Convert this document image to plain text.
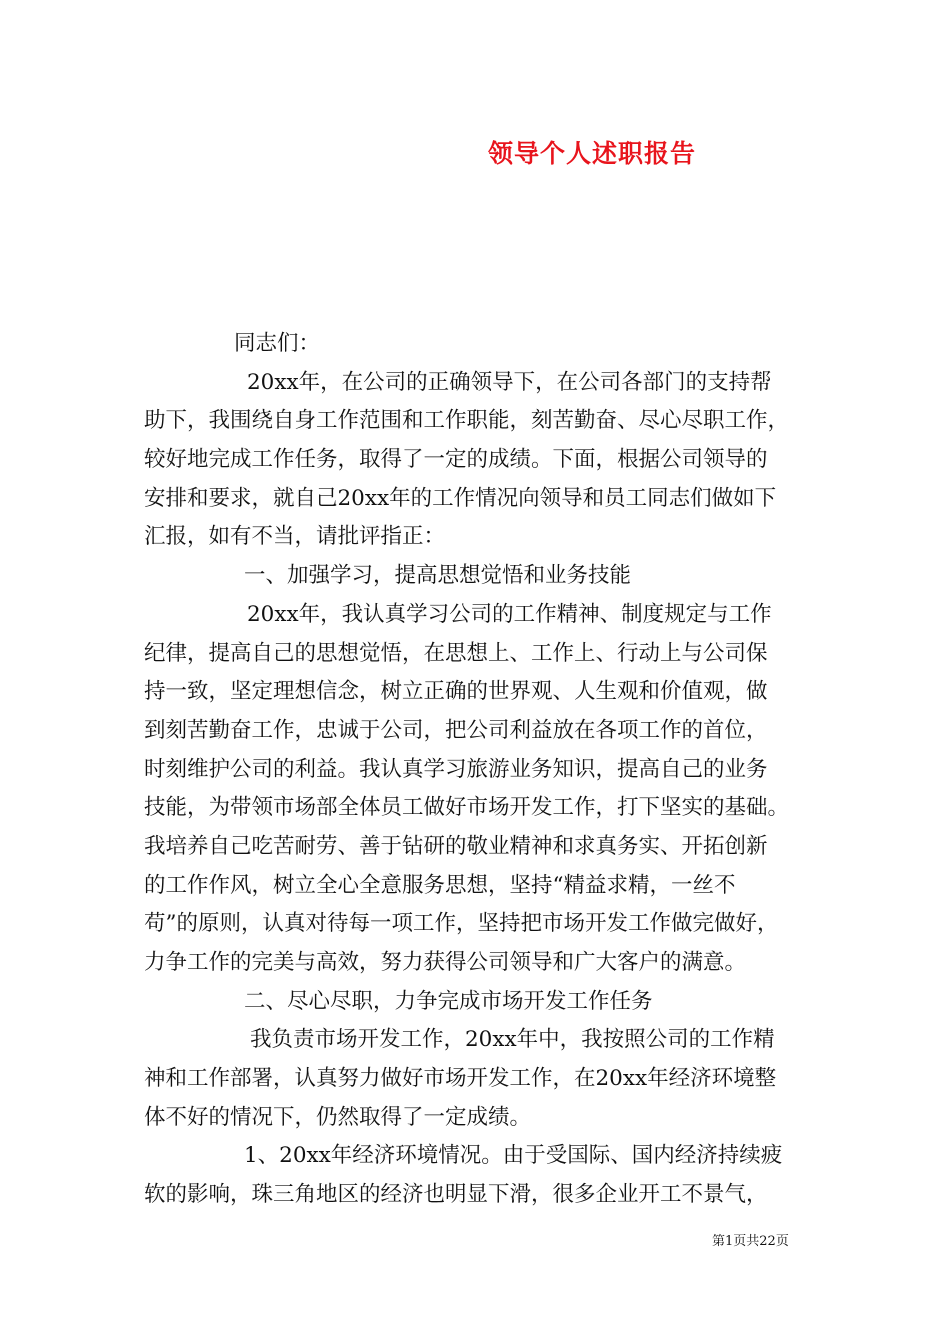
领导个人述职报告
同志们：
20xx年，在公司的正确领导下，在公司各部门的支持帮
助下，我围绕自身工作范围和工作职能，刻苦勤奋、尽心尽职工作，
较好地完成工作任务，取得了一定的成绩。下面，根据公司领导的
安排和要求，就自己20xx年的工作情况向领导和员工同志们做如下
汇报，如有不当，请批评指正：
一、加强学习，提高思想觉悟和业务技能
20xx年，我认真学习公司的工作精神、制度规定与工作
纪律，提高自己的思想觉悟，在思想上、工作上、行动上与公司保
持一致，坚定理想信念，树立正确的世界观、人生观和价值观，做
到刻苦勤奋工作，忠诚于公司，把公司利益放在各项工作的首位，
时刻维护公司的利益。我认真学习旅游业务知识，提高自己的业务
技能，为带领市场部全体员工做好市场开发工作，打下坚实的基础。
我培养自己吃苦耐劳、善于钻研的敬业精神和求真务实、开拓创新
的工作作风，树立全心全意服务思想，坚持“精益求精，一丝不
苟”的原则，认真对待每一项工作，坚持把市场开发工作做完做好，
力争工作的完美与高效，努力获得公司领导和广大客户的满意。
二、尽心尽职，力争完成市场开发工作任务
我负责市场开发工作，20xx年中，我按照公司的工作精
神和工作部署，认真努力做好市场开发工作，在20xx年经济环境整
体不好的情况下，仍然取得了一定成绩。
1、20xx年经济环境情况。由于受国际、国内经济持续疲
软的影响，珠三角地区的经济也明显下滑，很多企业开工不景气，
第1页共22页
